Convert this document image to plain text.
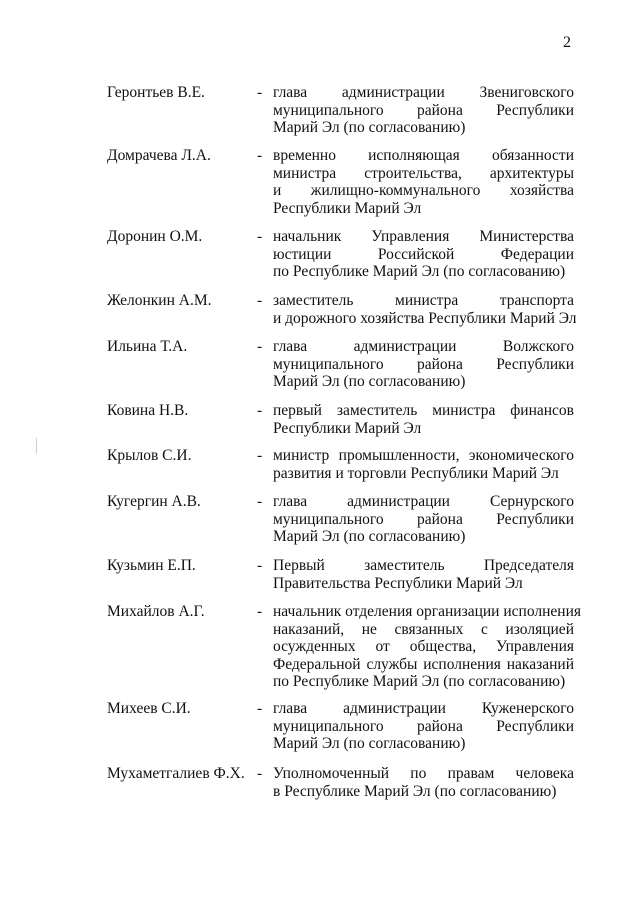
2
Геронтьев В.Е.	- глава администрации Звениговского
муниципального района Республики
Марий Эл (по согласованию)
Домрачева Л.А.	- временно исполняющая обязанности
министра строительства, архитектуры
и жилищно-коммунального хозяйства
Республики Марий Эл
Доронин О.М.	- начальник Управления Министерства
юстиции Российской Федерации
по Республике Марий Эл (по согласованию)
Желонкин А.М.	- заместитель министра транспорта
и дорожного хозяйства Республики Марий Эл
Ильина Т.А.	- глава администрации Волжского
муниципального района Республики
Марий Эл (по согласованию)
Ковина Н.В.	- первый заместитель министра финансов
Республики Марий Эл
Крылов С.И.	- министр промышленности, экономического
развития и торговли Республики Марий Эл
Кугергин А.В.	- глава администрации Сернурского
муниципального района Республики
Марий Эл (по согласованию)
Кузьмин Е.П.	- Первый заместитель Председателя
Правительства Республики Марий Эл
Михайлов А.Г.	- начальник отделения организации исполнения
наказаний, не связанных с изоляцией
осужденных от общества, Управления
Федеральной службы исполнения наказаний
по Республике Марий Эл (по согласованию)
Михеев С.И.	- глава администрации Куженерского
муниципального района Республики
Марий Эл (по согласованию)
Мухаметгалиев Ф.Х. - Уполномоченный по правам человека
в Республике Марий Эл (по согласованию)
